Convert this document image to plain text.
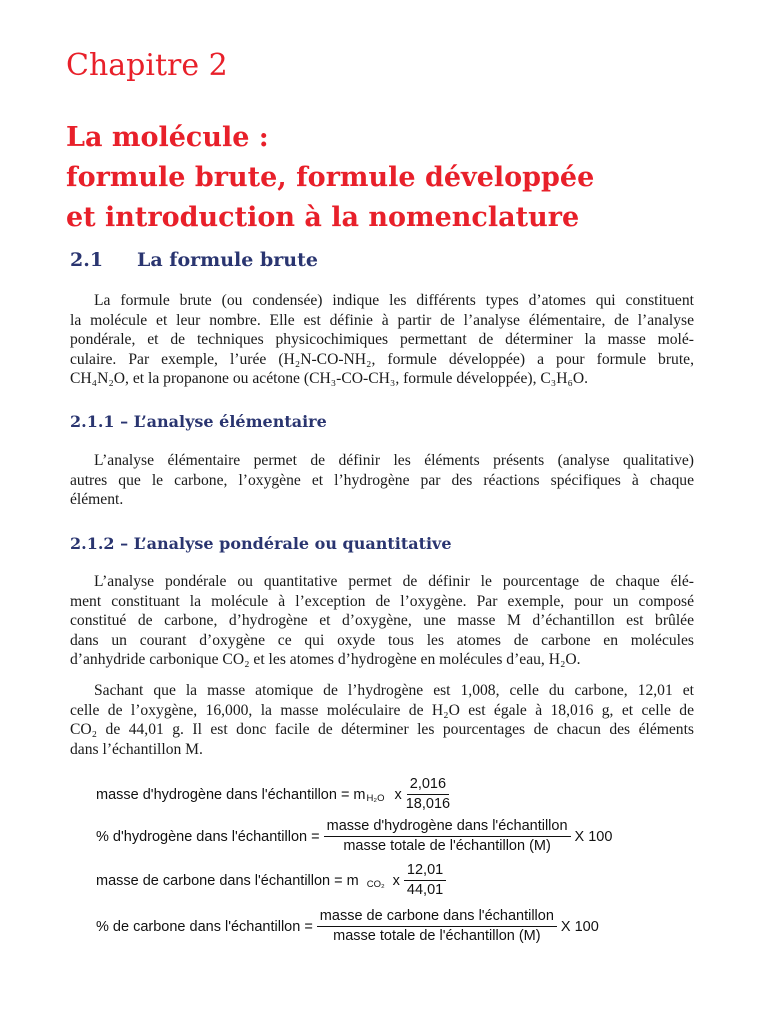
Chapitre 2
La molécule :
formule brute, formule développée
et introduction à la nomenclature
2.1 La formule brute
La formule brute (ou condensée) indique les différents types d’atomes qui constituent
la molécule et leur nombre. Elle est définie à partir de l’analyse élémentaire, de l’analyse
pondérale, et de techniques physicochimiques permettant de déterminer la masse molé-
culaire. Par exemple, l’urée (H₂N-CO-NH₂, formule développée) a pour formule brute,
CH₄N₂O, et la propanone ou acétone (CH₃-CO-CH₃, formule développée), C₃H₆O.
2.1.1 – L’analyse élémentaire
L’analyse élémentaire permet de définir les éléments présents (analyse qualitative)
autres que le carbone, l’oxygène et l’hydrogène par des réactions spécifiques à chaque
élément.
2.1.2 – L’analyse pondérale ou quantitative
L’analyse pondérale ou quantitative permet de définir le pourcentage de chaque élé-
ment constituant la molécule à l’exception de l’oxygène. Par exemple, pour un composé
constitué de carbone, d’hydrogène et d’oxygène, une masse M d’échantillon est brûlée
dans un courant d’oxygène ce qui oxyde tous les atomes de carbone en molécules
d’anhydride carbonique CO₂ et les atomes d’hydrogène en molécules d’eau, H₂O.
Sachant que la masse atomique de l’hydrogène est 1,008, celle du carbone, 12,01 et
celle de l’oxygène, 16,000, la masse moléculaire de H₂O est égale à 18,016 g, et celle de
CO₂ de 44,01 g. Il est donc facile de déterminer les pourcentages de chacun des éléments
dans l’échantillon M.
masse d'hydrogène dans l'échantillon = m H₂O x $\frac{2,016}{18,016}$
% d'hydrogène dans l'échantillon = $\frac{\text{masse d'hydrogène dans l'échantillon}}{\text{masse totale de l'échantillon (M)}}$ X 100
masse de carbone dans l'échantillon = m CO₂ x $\frac{12,01}{44,01}$
% de carbone dans l'échantillon = $\frac{\text{masse de carbone dans l'échantillon}}{\text{masse totale de l'échantillon (M)}}$ X 100
